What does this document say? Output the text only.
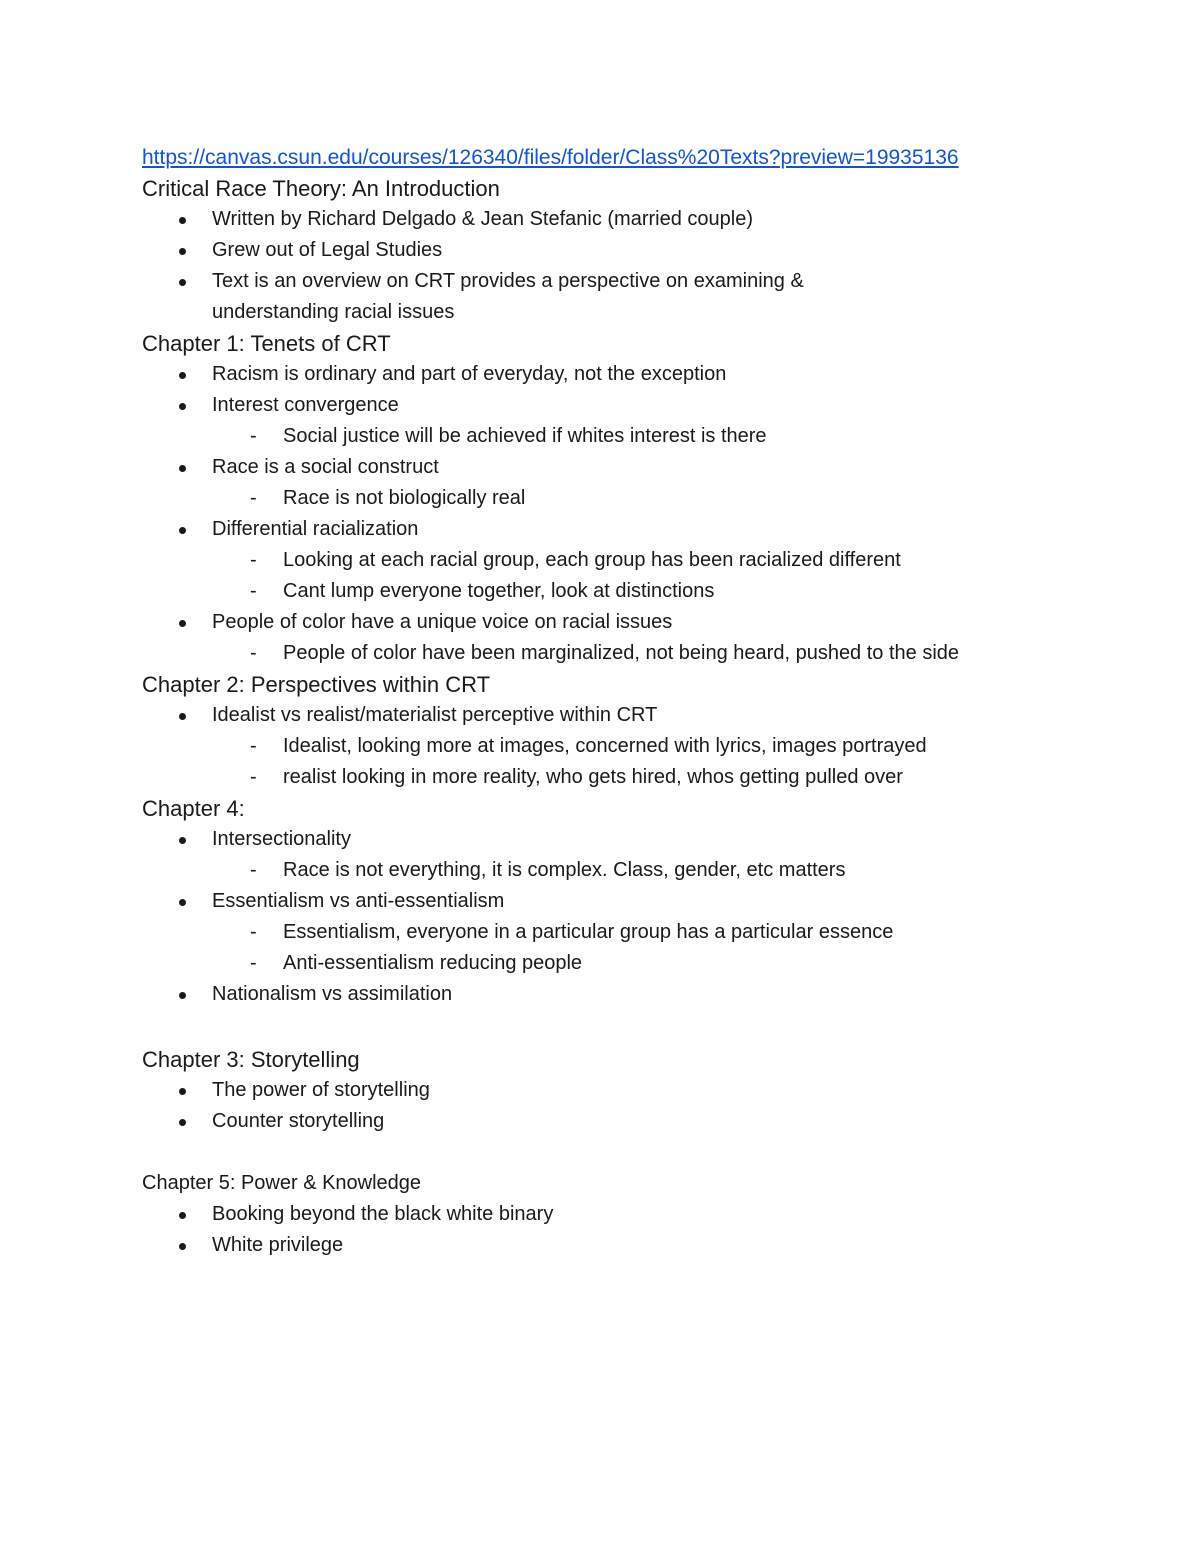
https://canvas.csun.edu/courses/126340/files/folder/Class%20Texts?preview=19935136
Critical Race Theory: An Introduction
Written by Richard Delgado & Jean Stefanic (married couple)
Grew out of Legal Studies
Text is an overview on CRT provides a perspective on examining & understanding racial issues
Chapter 1: Tenets of CRT
Racism is ordinary and part of everyday, not the exception
Interest convergence
- Social justice will be achieved if whites interest is there
Race is a social construct
- Race is not biologically real
Differential racialization
- Looking at each racial group, each group has been racialized different
- Cant lump everyone together, look at distinctions
People of color have a unique voice on racial issues
- People of color have been marginalized, not being heard, pushed to the side
Chapter 2: Perspectives within CRT
Idealist vs realist/materialist perceptive within CRT
- Idealist, looking more at images, concerned with lyrics, images portrayed
- realist looking in more reality, who gets hired, whos getting pulled over
Chapter 4:
Intersectionality
- Race is not everything, it is complex. Class, gender, etc matters
Essentialism vs anti-essentialism
- Essentialism, everyone in a particular group has a particular essence
- Anti-essentialism reducing people
Nationalism vs assimilation
Chapter 3: Storytelling
The power of storytelling
Counter storytelling
Chapter 5: Power & Knowledge
Booking beyond the black white binary
White privilege
